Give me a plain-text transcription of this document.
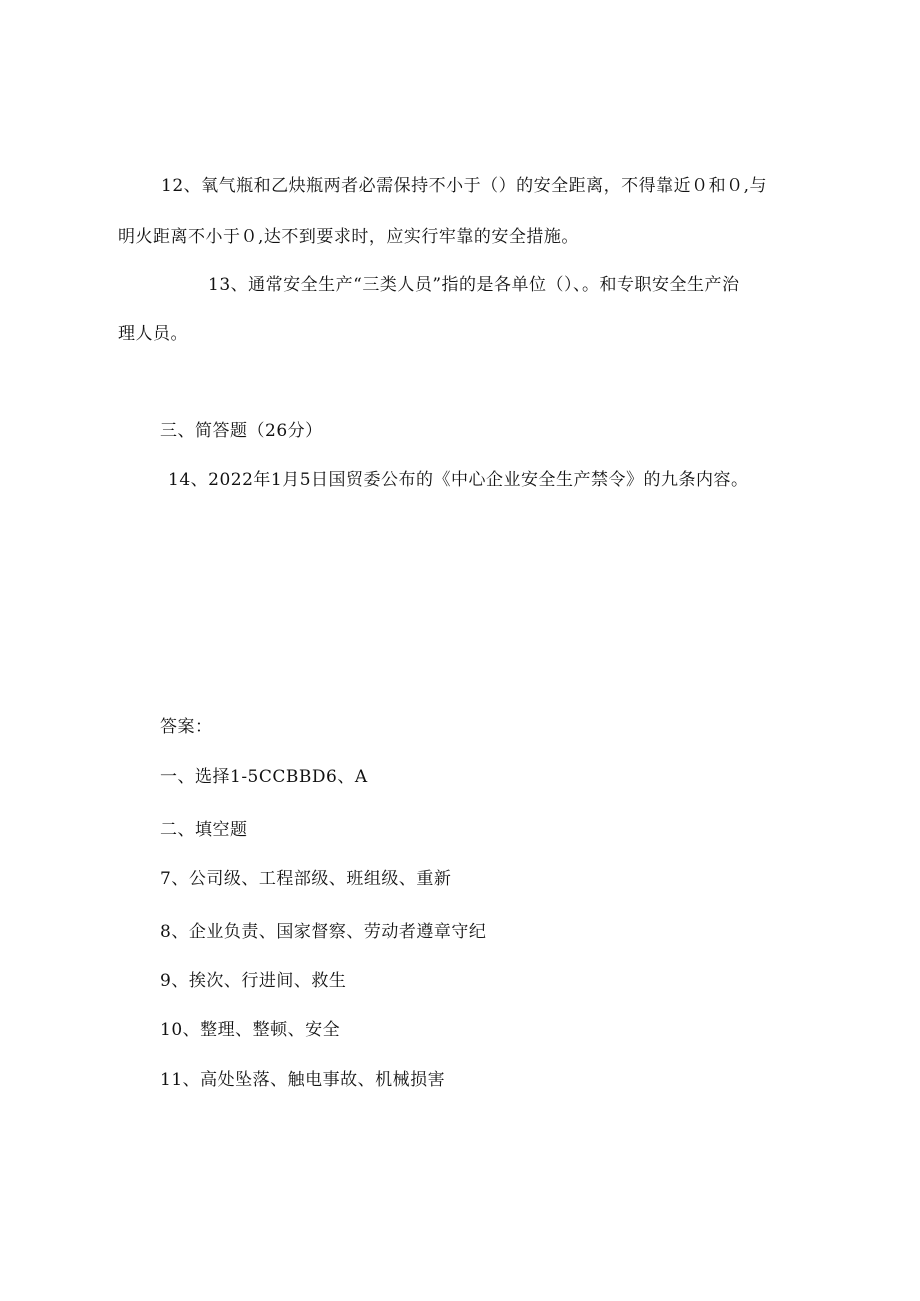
12、氧气瓶和乙炔瓶两者必需保持不小于（）的安全距离，不得靠近０和０,与
明火距离不小于０,达不到要求时，应实行牢靠的安全措施。
13、通常安全生产“三类人员”指的是各单位（）、。和专职安全生产治
理人员。
三、简答题（26分）
14、2022年1月5日国贸委公布的《中心企业安全生产禁令》的九条内容。
答案：
一、选择1-5CCBBD6、A
二、填空题
7、公司级、工程部级、班组级、重新
8、企业负责、国家督察、劳动者遵章守纪
9、挨次、行进间、救生
10、整理、整顿、安全
11、高处坠落、触电事故、机械损害
